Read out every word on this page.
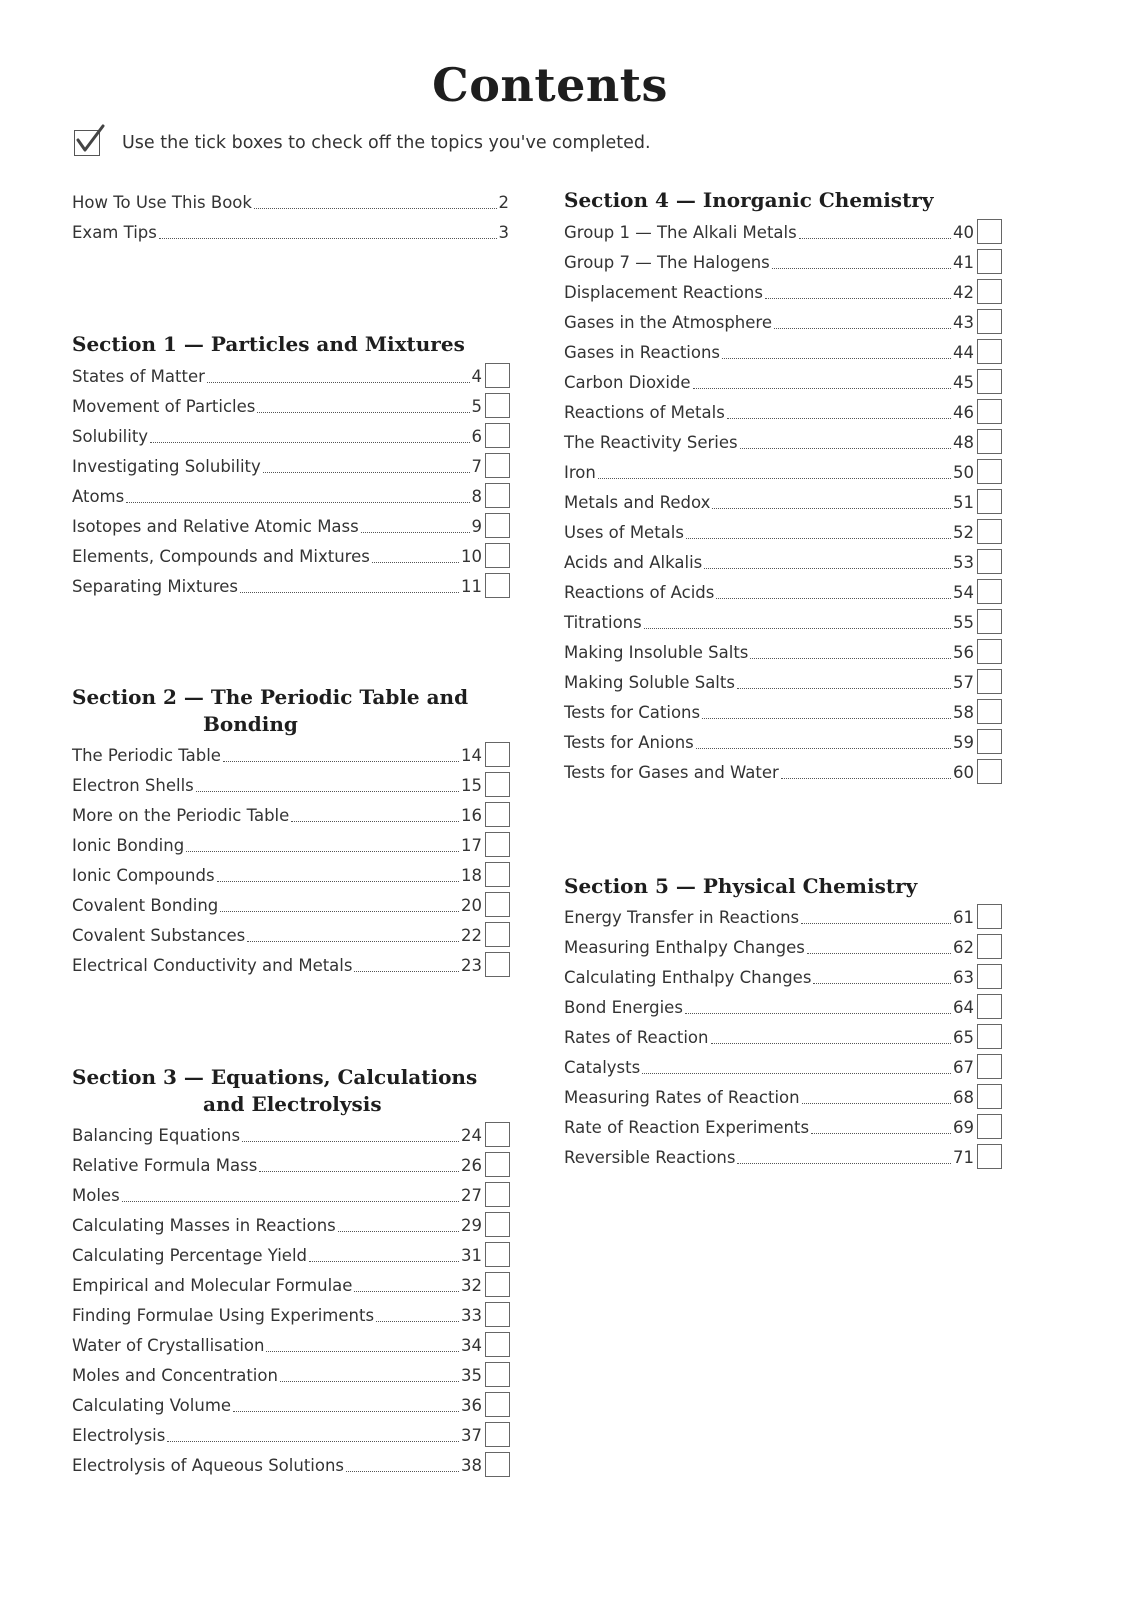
Contents
Use the tick boxes to check off the topics you've completed.
How To Use This Book	2
Exam Tips	3
Section 1 — Particles and Mixtures
States of Matter	4
Movement of Particles	5
Solubility	6
Investigating Solubility	7
Atoms	8
Isotopes and Relative Atomic Mass	9
Elements, Compounds and Mixtures	10
Separating Mixtures	11
Section 2 — The Periodic Table and
Bonding
The Periodic Table	14
Electron Shells	15
More on the Periodic Table	16
Ionic Bonding	17
Ionic Compounds	18
Covalent Bonding	20
Covalent Substances	22
Electrical Conductivity and Metals	23
Section 3 — Equations, Calculations
and Electrolysis
Balancing Equations	24
Relative Formula Mass	26
Moles	27
Calculating Masses in Reactions	29
Calculating Percentage Yield	31
Empirical and Molecular Formulae	32
Finding Formulae Using Experiments	33
Water of Crystallisation	34
Moles and Concentration	35
Calculating Volume	36
Electrolysis	37
Electrolysis of Aqueous Solutions	38
Section 4 — Inorganic Chemistry
Group 1 — The Alkali Metals	40
Group 7 — The Halogens	41
Displacement Reactions	42
Gases in the Atmosphere	43
Gases in Reactions	44
Carbon Dioxide	45
Reactions of Metals	46
The Reactivity Series	48
Iron	50
Metals and Redox	51
Uses of Metals	52
Acids and Alkalis	53
Reactions of Acids	54
Titrations	55
Making Insoluble Salts	56
Making Soluble Salts	57
Tests for Cations	58
Tests for Anions	59
Tests for Gases and Water	60
Section 5 — Physical Chemistry
Energy Transfer in Reactions	61
Measuring Enthalpy Changes	62
Calculating Enthalpy Changes	63
Bond Energies	64
Rates of Reaction	65
Catalysts	67
Measuring Rates of Reaction	68
Rate of Reaction Experiments	69
Reversible Reactions	71
